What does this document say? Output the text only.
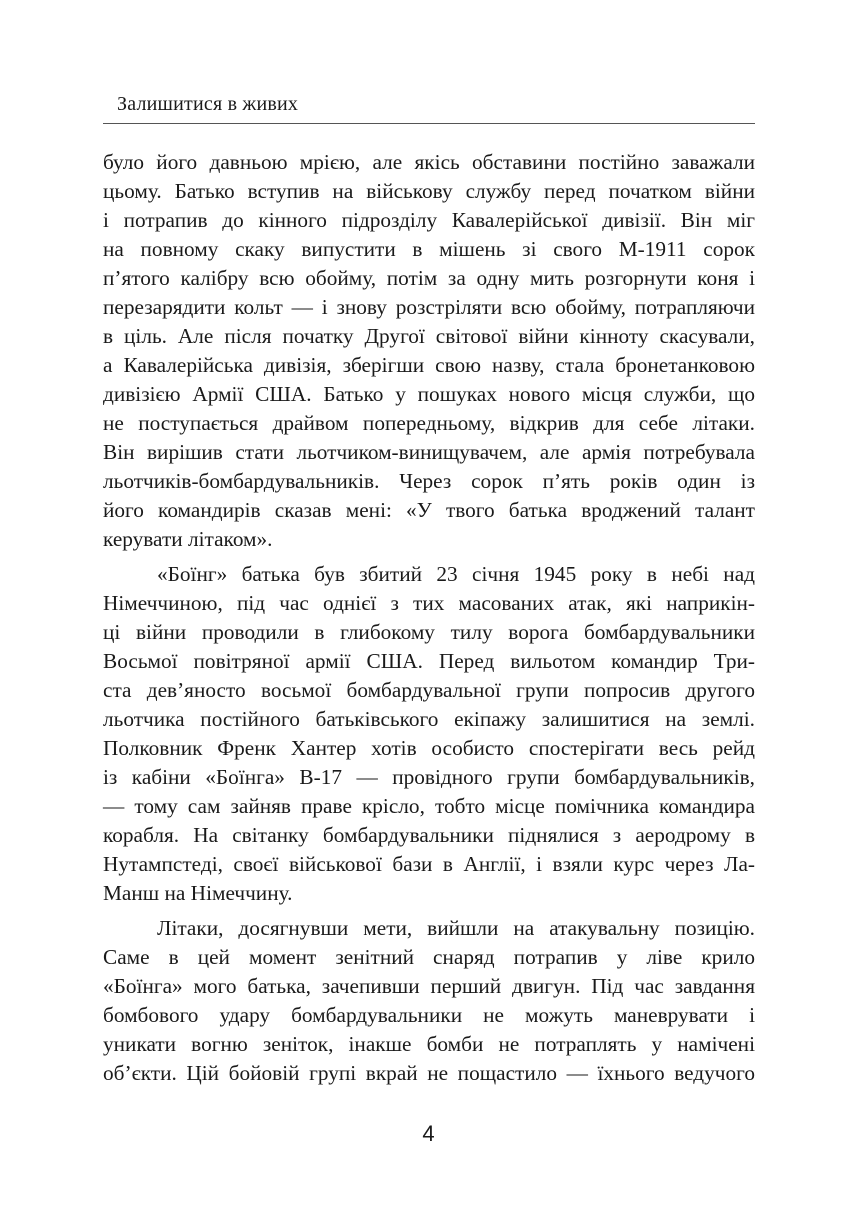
Залишитися в живих
було його давньою мрією, але якісь обставини постійно заважали
цьому. Батько вступив на військову службу перед початком війни
і потрапив до кінного підрозділу Кавалерійської дивізії. Він міг
на повному скаку випустити в мішень зі свого М-1911 сорок
п’ятого калібру всю обойму, потім за одну мить розгорнути коня і
перезарядити кольт — і знову розстріляти всю обойму, потрапляючи
в ціль. Але після початку Другої світової війни кінноту скасували,
а Кавалерійська дивізія, зберігши свою назву, стала бронетанковою
дивізією Армії США. Батько у пошуках нового місця служби, що
не поступається драйвом попередньому, відкрив для себе літаки.
Він вирішив стати льотчиком-винищувачем, але армія потребувала
льотчиків-бомбардувальників. Через сорок п’ять років один із
його командирів сказав мені: «У твого батька вроджений талант
керувати літаком».
«Боїнг» батька був збитий 23 січня 1945 року в небі над
Німеччиною, під час однієї з тих масованих атак, які наприкін-
ці війни проводили в глибокому тилу ворога бомбардувальники
Восьмої повітряної армії США. Перед вильотом командир Три-
ста дев’яносто восьмої бомбардувальної групи попросив другого
льотчика постійного батьківського екіпажу залишитися на землі.
Полковник Френк Хантер хотів особисто спостерігати весь рейд
із кабіни «Боїнга» В-17 — провідного групи бомбардувальників,
— тому сам зайняв праве крісло, тобто місце помічника командира
корабля. На світанку бомбардувальники піднялися з аеродрому в
Нутампстеді, своєї військової бази в Англії, і взяли курс через Ла-
Манш на Німеччину.
Літаки, досягнувши мети, вийшли на атакувальну позицію.
Саме в цей момент зенітний снаряд потрапив у ліве крило
«Боїнга» мого батька, зачепивши перший двигун. Під час завдання
бомбового удару бомбардувальники не можуть маневрувати і
уникати вогню зеніток, інакше бомби не потраплять у намічені
об’єкти. Цій бойовій групі вкрай не пощастило — їхнього ведучого
4
